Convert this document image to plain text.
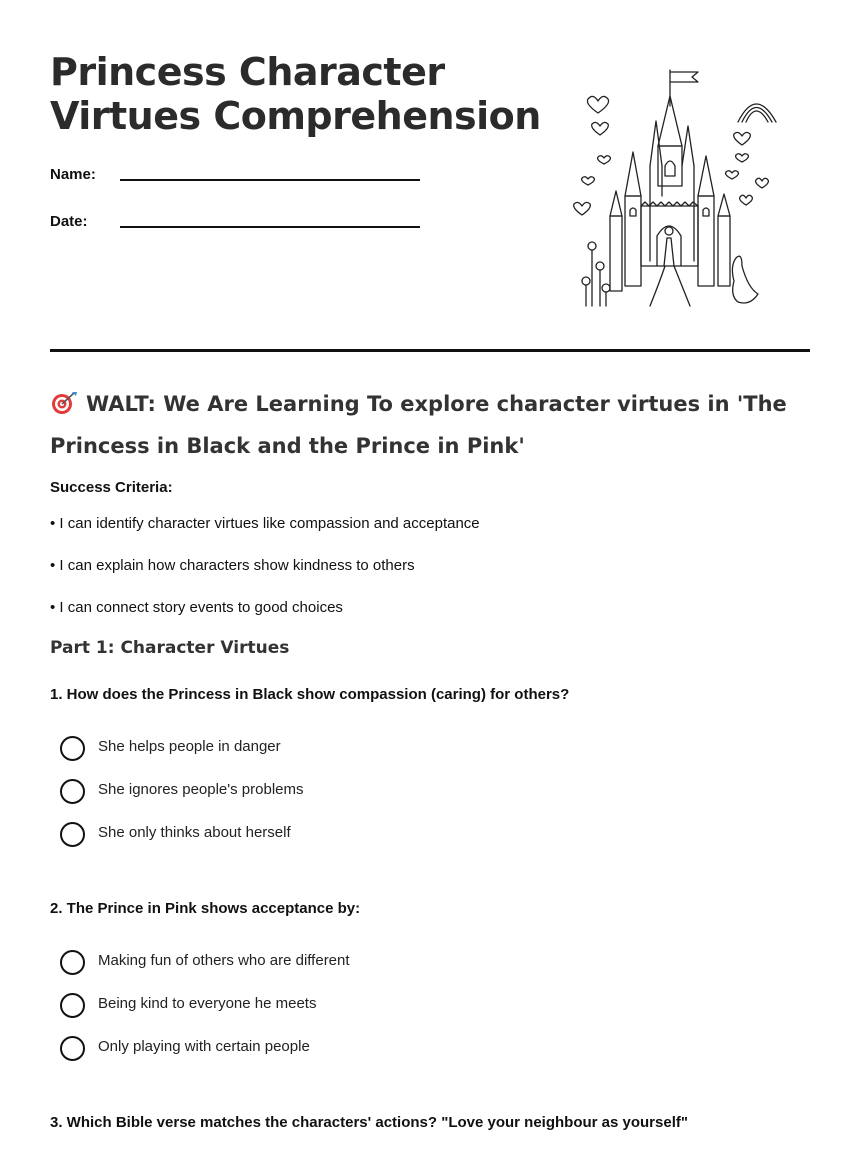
Princess Character
Virtues Comprehension
Name:
Date:
WALT: We Are Learning To explore character virtues in 'The Princess in Black and the Prince in Pink'
Success Criteria:
• I can identify character virtues like compassion and acceptance
• I can explain how characters show kindness to others
• I can connect story events to good choices
Part 1: Character Virtues
1. How does the Princess in Black show compassion (caring) for others?
She helps people in danger
She ignores people's problems
She only thinks about herself
2. The Prince in Pink shows acceptance by:
Making fun of others who are different
Being kind to everyone he meets
Only playing with certain people
3. Which Bible verse matches the characters' actions? "Love your neighbour as yourself"
